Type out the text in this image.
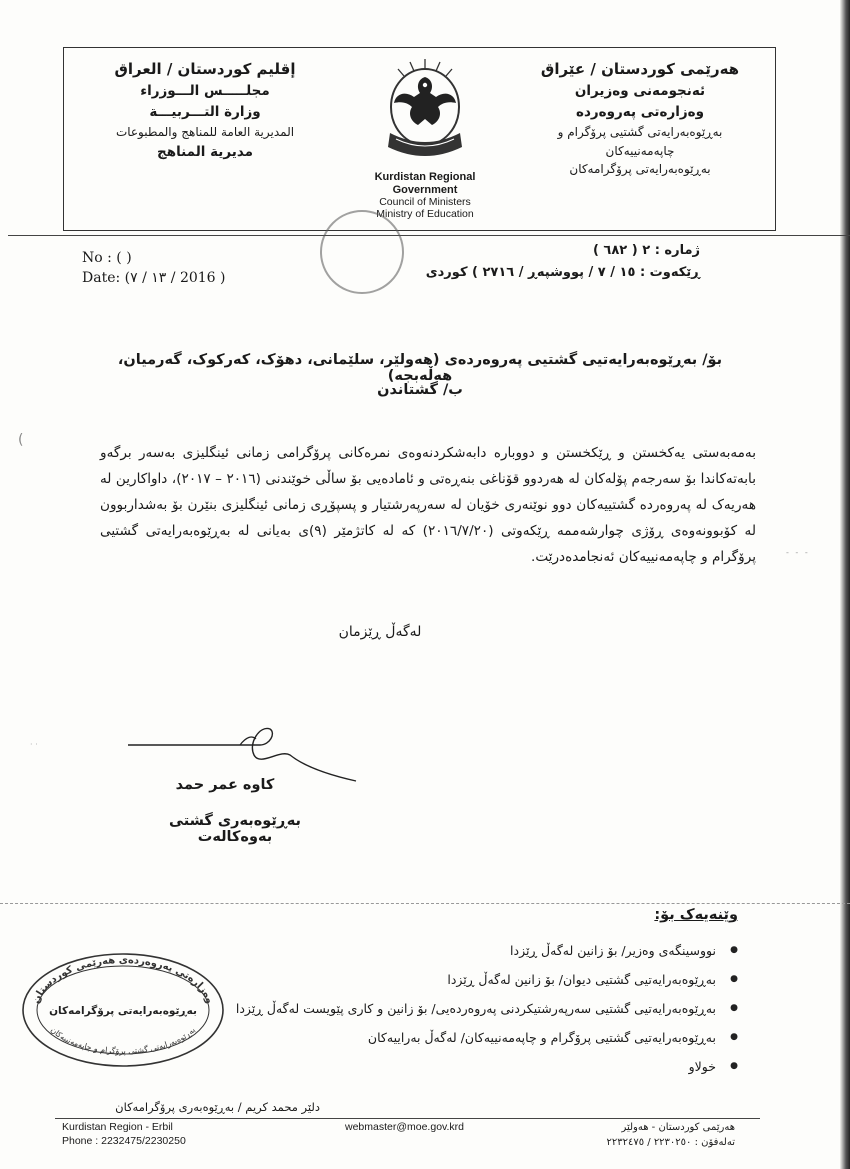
هەرێمی کوردستان / عێراق
ئەنجومەنی وەزیران
وەزارەتی پەروەردە
بەڕێوەبەرایەتی گشتیی پرۆگرام و
چاپەمەنییەکان
بەڕێوەبەرایەتی پرۆگرامەکان
إقليم كوردستان / العراق
مجلـــــس الـــوزراء
وزارة التـــربيـــة
المديرية العامة للمناهج والمطبوعات
مديرية المناهج
Kurdistan Regional
Government
Council of Ministers
Ministry of Education
No : ( )
Date: (١٣ / ٧ / 2016 )
ژمارە : ٢ ( ٦٨٢ )
ڕێکەوت : ١٥ / ٧ / پووشپەڕ / ٢٧١٦ ) کوردی
بۆ/ بەڕێوەبەرایەتیی گشتیی پەروەردەی (هەولێر، سلێمانی، دهۆک، کەرکوک، گەرمیان، هەڵەبجە)
ب/ گشتاندن
بەمەبەستی یەکخستن و ڕێکخستن و دووبارە دابەشکردنەوەی نمرەکانی پرۆگرامی زمانی ئینگلیزی بەسەر برگەو بابەتەکاندا بۆ سەرجەم پۆلەکان لە هەردوو قۆناغی بنەڕەتی و ئامادەیی بۆ ساڵی خوێندنی (٢٠١٦ – ٢٠١٧)، داواکارین لە هەریەک لە پەروەردە گشتییەکان دوو نوێنەری خۆیان لە سەرپەرشتیار و پسپۆڕی زمانی ئینگلیزی بنێرن بۆ بەشداربوون لە کۆبوونەوەی ڕۆژی چوارشەممە ڕێکەوتی (٢٠١٦/٧/٢٠) کە لە کاتژمێر (٩)ی بەیانی لە بەڕێوەبەرایەتی گشتیی پرۆگرام و چاپەمەنییەکان ئەنجامدەدرێت.
لەگەڵ ڕێزمان
کاوە عمر حمد
بەڕێوەبەری گشتی بەوەکالەت
وێنەیەک بۆ:
● نووسینگەی وەزیر/ بۆ زانین لەگەڵ ڕێزدا
● بەڕێوەبەرایەتیی گشتیی دیوان/ بۆ زانین لەگەڵ ڕێزدا
● بەڕێوەبەرایەتیی گشتیی سەرپەرشتیکردنی پەروەردەیی/ بۆ زانین و کاری پێویست لەگەڵ ڕێزدا
● بەڕێوەبەرایەتیی گشتیی پرۆگرام و چاپەمەنییەکان/ لەگەڵ بەراییەکان
● خولاو
وەزارەتی پەروەردەی هەرێمی کوردستان
بەڕێوەبەرایەتی پرۆگرامەکان
بەڕێوەبەرایەتی گشتی پرۆگرام و چاپەمەنییەکان
دلێر محمد کریم / بەڕێوەبەری پرۆگرامەکان
Kurdistan Region - Erbil
Phone : 2232475/2230250
webmaster@moe.gov.krd	هەرێمی کوردستان - هەولێر
تەلەفۆن : ٢٢٣٠٢٥٠ / ٢٢٣٢٤٧٥
(
- - -
· ·
